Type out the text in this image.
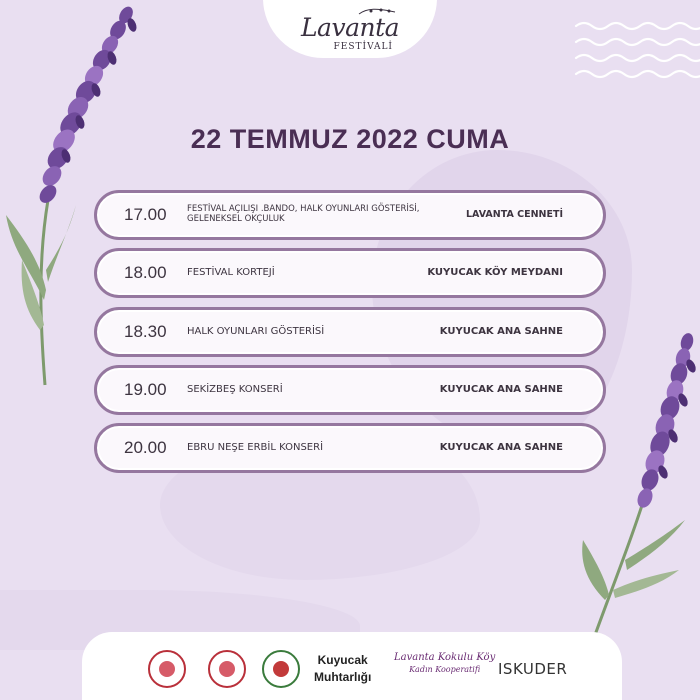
Lavanta
FESTİVALİ
22 TEMMUZ 2022 CUMA
17.00 FESTİVAL AÇILIŞI .BANDO, HALK OYUNLARI GÖSTERİSİ, GELENEKSEL OKÇULUK	LAVANTA CENNETİ
18.00 FESTİVAL KORTEJİ	KUYUCAK KÖY MEYDANI
18.30 HALK OYUNLARI GÖSTERİSİ	KUYUCAK ANA SAHNE
19.00 SEKİZBEŞ KONSERİ	KUYUCAK ANA SAHNE
20.00 EBRU NEŞE ERBİL KONSERİ	KUYUCAK ANA SAHNE
Kuyucak
Muhtarlığı
Lavanta Kokulu Köy
Kadın Kooperatifi	ISKUDER
